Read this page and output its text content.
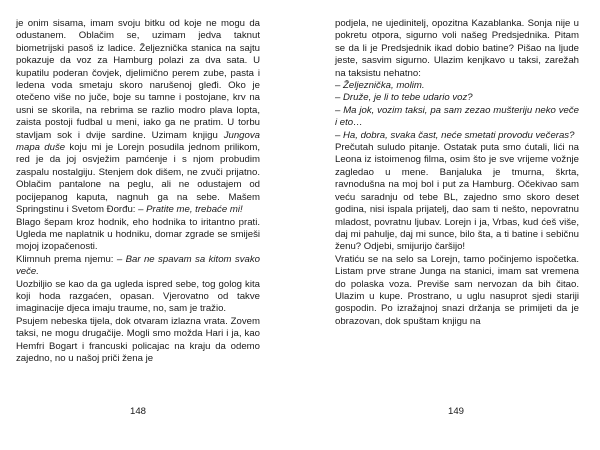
je onim sisama, imam svoju bitku od koje ne mogu da odustanem. Oblačim se, uzimam jedva taknut biometrijski pasoš iz ladice. Željeznička stanica na sajtu pokazuje da voz za Hamburg polazi za dva sata. U kupatilu poderan čovjek, djelimično perem zube, pasta i ledena voda smetaju skoro narušenoj gleđi. Oko je otečeno više no juče, boje su tamne i postojane, krv na usni se skorila, na rebrima se razlio modro plava lopta, zaista postoji fudbal u meni, iako ga ne pratim. U torbu stavljam sok i dvije sardine. Uzimam knjigu Jungova mapa duše koju mi je Lorejn posudila jednom prilikom, red je da joj osvježim pamćenje i s njom probudim zaspalu nostalgiju. Stenjem dok dišem, ne zvuči prijatno. Oblačim pantalone na peglu, ali ne odustajem od pocijepanog kaputa, nagnuh ga na sebe. Mašem Springstinu i Svetom Đorđu: – Pratite me, trebaće mi!

Blago šepam kroz hodnik, eho hodnika to iritantno prati. Ugleda me naplatnik u hodniku, domar zgrade se smiješi mojoj izopačenosti.

Klimnuh prema njemu: – Bar ne spavam sa kitom svako veče.

Uozbiljio se kao da ga ugleda ispred sebe, tog golog kita koji hoda razgaćen, opasan. Vjerovatno od takve imaginacije djeca imaju traume, no, sam je tražio.

Psujem nebeska tijela, dok otvaram izlazna vrata. Zovem taksi, ne mogu drugačije. Mogli smo možda Hari i ja, kao Hemfri Bogart i francuski policajac na kraju da odemo zajedno, no u našoj priči žena je

148

podjela, ne ujedinitelj, opozitna Kazablanka. Sonja nije u pokretu otpora, sigurno voli našeg Predsjednika. Pitam se da li je Predsjednik ikad dobio batine? Pišao na ljude jeste, sasvim sigurno. Ulazim kenjkavo u taksi, zarežah na taksistu nehatno:

– Željeznička, molim.

– Druže, je li to tebe udario voz?

– Ma jok, vozim taksi, pa sam zezao mušteriju neko veče i eto…

– Ha, dobra, svaka čast, neće smetati provodu večeras?

Prečutah suludo pitanje. Ostatak puta smo ćutali, lići na Leona iz istoimenog filma, osim što je sve vrijeme vožnje zagledao u mene. Banjaluka je tmurna, škrta, ravnodušna na moj bol i put za Hamburg. Očekivao sam veću saradnju od tebe BL, zajedno smo skoro deset godina, nisi ispala prijatelj, dao sam ti nešto, nepovratnu mladost, povratnu ljubav. Lorejn i ja, Vrbas, kud ćeš više, daj mi pahulje, daj mi sunce, bilo šta, a ti batine i sebičnu ženu? Odjebi, smijurijo čaršijo!

Vratiću se na selo sa Lorejn, tamo počinjemo ispočetka. Listam prve strane Junga na stanici, imam sat vremena do polaska voza. Previše sam nervozan da bih čitao. Ulazim u kupe. Prostrano, u uglu nasuprot sjedi stariji gospodin. Po izražajnoj snazi držanja se primijeti da je obrazovan, dok spuštam knjigu na

149
